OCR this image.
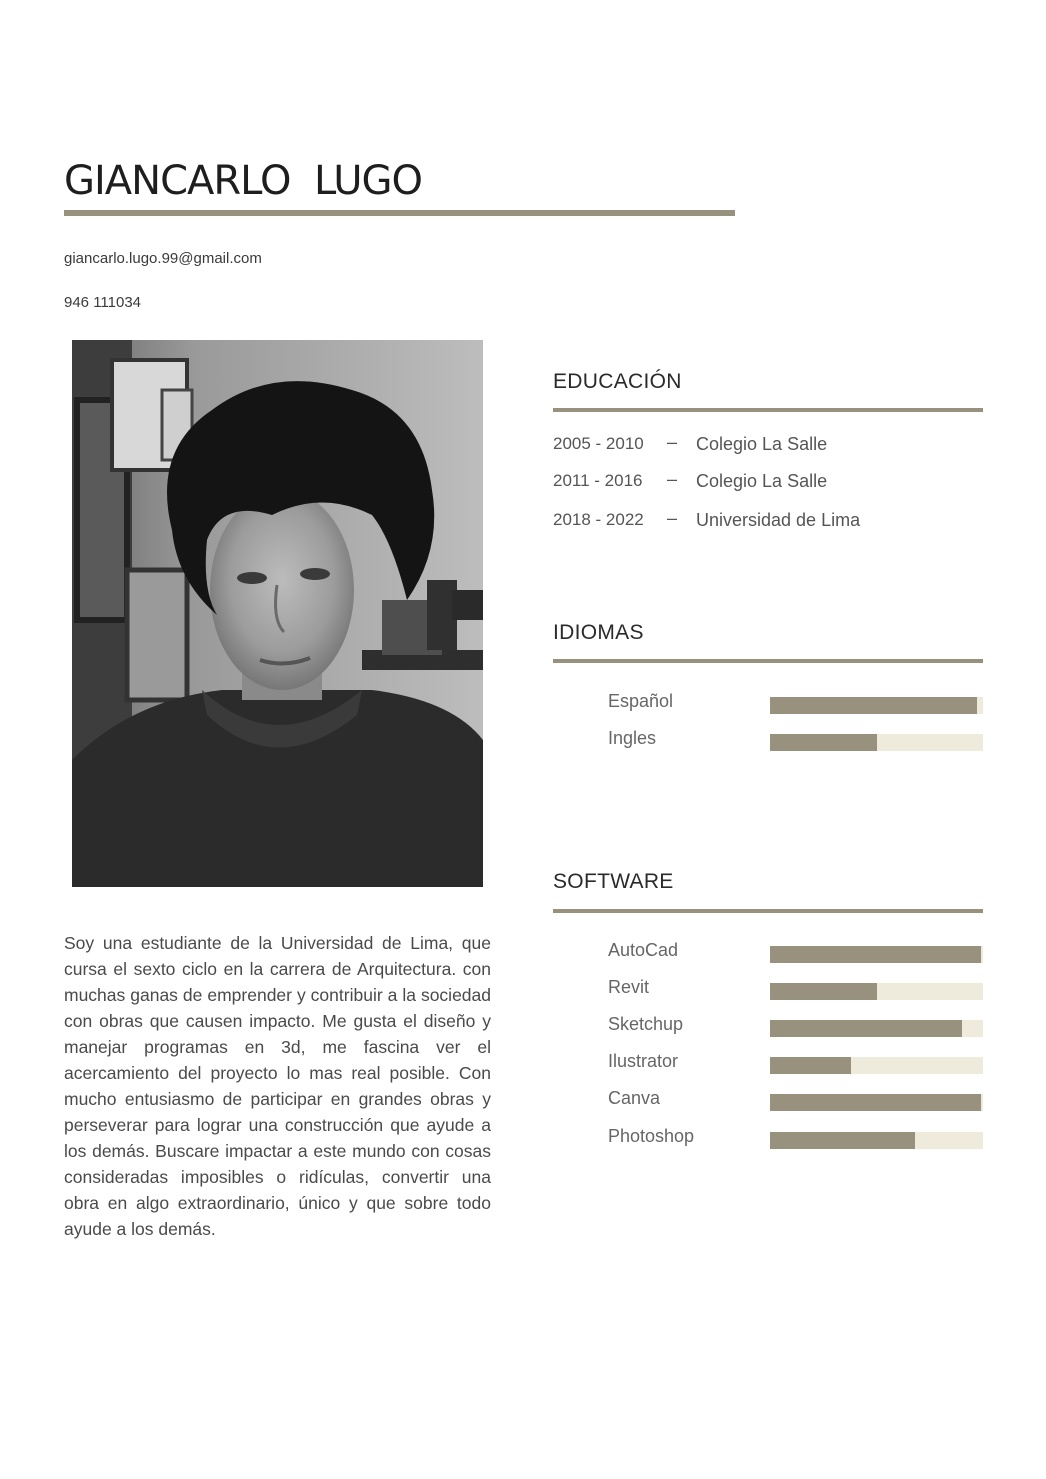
GIANCARLO  LUGO
giancarlo.lugo.99@gmail.com
946 111034

Soy una estudiante de la Universidad de Lima, que cursa el sexto ciclo en la carrera de Arquitectura. con muchas ganas de emprender y contribuir a la sociedad con obras que causen impacto. Me gusta el diseño y manejar programas en 3d, me fascina ver el acercamiento del proyecto lo mas real posible. Con mucho entusiasmo de participar en grandes obras y perseverar para lograr una construcción que ayude a los demás. Buscare impactar a este mundo con cosas consideradas imposibles o ridículas, convertir una obra en algo extraordinario, único y que sobre todo ayude a los demás.

EDUCACIÓN
2005 - 2010 – Colegio La Salle
2011 - 2016 – Colegio La Salle
2018 - 2022 – Universidad de Lima
IDIOMAS
Español
Ingles
SOFTWARE
AutoCad
Revit
Sketchup
Ilustrator
Canva
Photoshop
